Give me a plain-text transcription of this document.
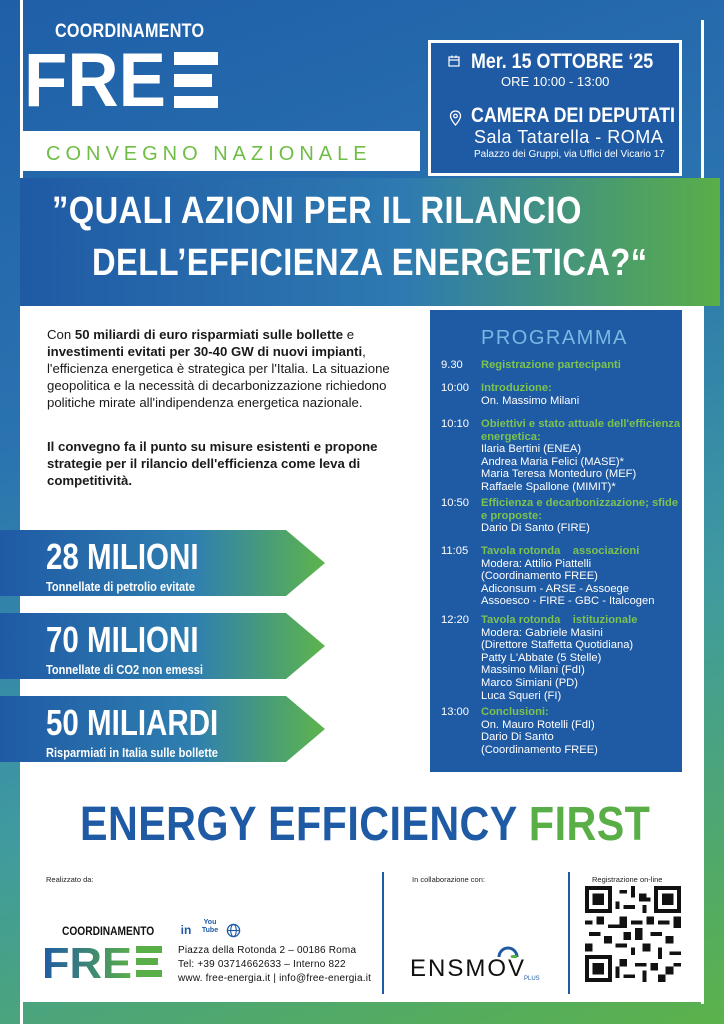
COORDINAMENTO
FRE
CONVEGNO NAZIONALE
Mer. 15 OTTOBRE ‘25
ORE 10:00 - 13:00
CAMERA DEI DEPUTATI
Sala Tatarella - ROMA
Palazzo dei Gruppi, via Uffici del Vicario 17
”QUALI AZIONI PER IL RILANCIO
DELL’EFFICIENZA ENERGETICA?“
Con 50 miliardi di euro risparmiati sulle bollette e investimenti evitati per 30-40 GW di nuovi impianti, l'efficienza energetica è strategica per l'Italia. La situazione geopolitica e la necessità di decarbonizzazione richiedono politiche mirate all'indipendenza energetica nazionale.
Il convegno fa il punto su misure esistenti e propone strategie per il rilancio dell'efficienza come leva di competitività.
28 MILIONI
Tonnellate di petrolio evitate
70 MILIONI
Tonnellate di CO2 non emessi
50 MILIARDI
Risparmiati in Italia sulle bollette
PROGRAMMA
9.30	Registrazione partecipanti
10:00	Introduzione:
On. Massimo Milani
10:10	Obiettivi e stato attuale dell'efficienza energetica:
Ilaria Bertini (ENEA)
Andrea Maria Felici (MASE)*
Maria Teresa Monteduro (MEF)
Raffaele Spallone (MIMIT)*
10:50	Efficienza e decarbonizzazione; sfide e proposte:
Dario Di Santo (FIRE)
11:05	Tavola rotonda    associazioni
Modera: Attilio Piattelli
(Coordinamento FREE)
Adiconsum - ARSE - Assoege
Assoesco - FIRE - GBC - Italcogen
12:20	Tavola rotonda    istituzionale
Modera: Gabriele Masini
(Direttore Staffetta Quotidiana)
Patty L'Abbate (5 Stelle)
Massimo Milani (FdI)
Marco Simiani (PD)
Luca Squeri (FI)
13:00	Conclusioni:
On. Mauro Rotelli (FdI)
Dario Di Santo
(Coordinamento FREE)
ENERGY EFFICIENCY FIRST
Realizzato da:	In collaborazione con:	Registrazione on-line
COORDINAMENTO
FRE
in
You Tube
Piazza della Rotonda 2 – 00186 Roma
Tel: +39 03714662633 – Interno 822
www. free-energia.it | info@free-energia.it ENSMOV
PLUS
